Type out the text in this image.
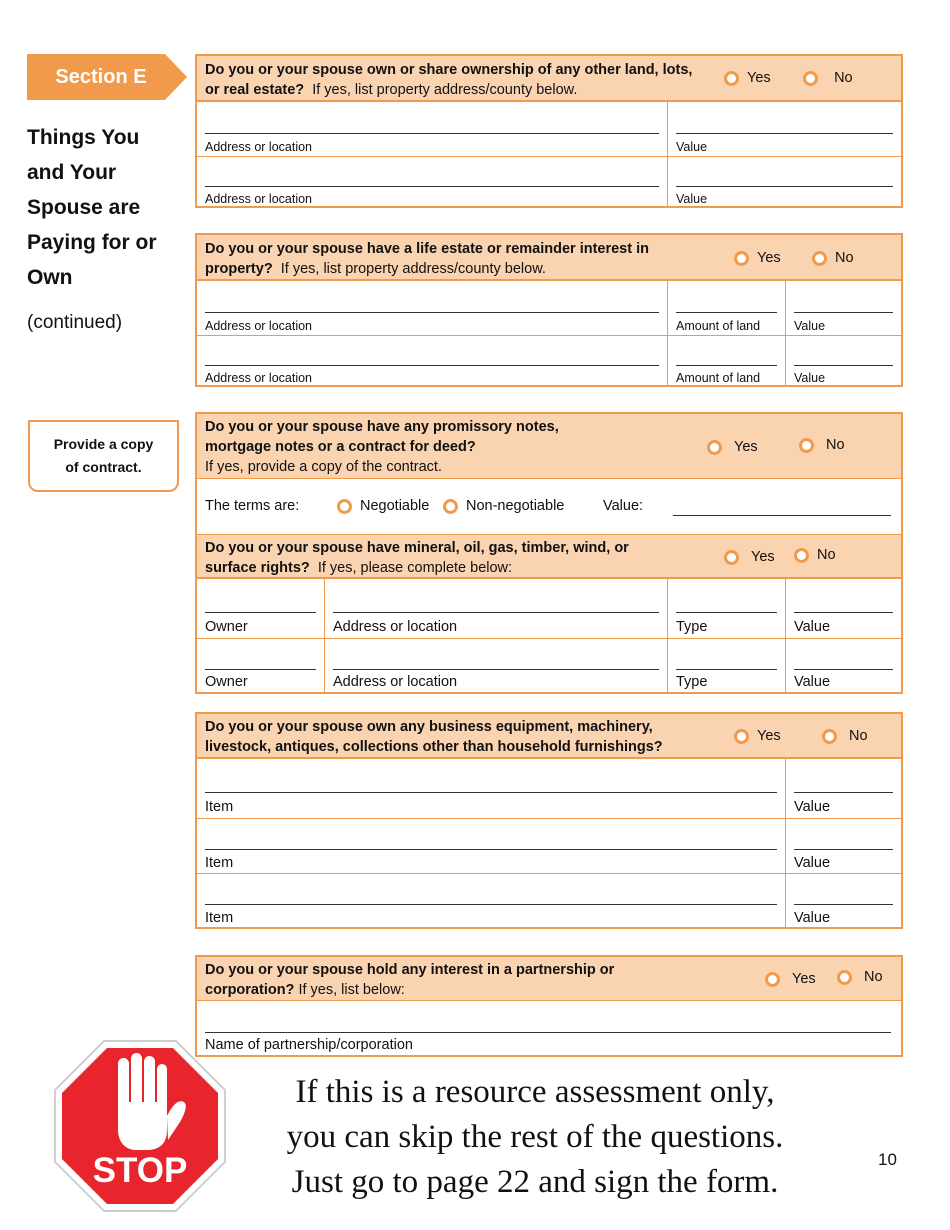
Section E
Things You
and Your
Spouse are
Paying for or
Own
(continued)
Provide a copy
of contract.
Do you or your spouse own or share ownership of any other land, lots,
or real estate? If yes, list property address/county below.
Yes
	No
Address or location	Value
Address or location	Value
Do you or your spouse have a life estate or remainder interest in
property? If yes, list property address/county below.
Yes	No
Address or location	Amount of land	Value
Address or location	Amount of land	Value
Do you or your spouse have any promissory notes,
mortgage notes or a contract for deed?
If yes, provide a copy of the contract.

Yes
	No
The terms are:	Negotiable	Non-negotiable	Value:
Do you or your spouse have mineral, oil, gas, timber, wind, or
surface rights? If yes, please complete below:

Yes	No
Owner	Address or location	Type	Value
Owner	Address or location	Type	Value
Do you or your spouse own any business equipment, machinery,
livestock, antiques, collections other than household furnishings?
Yes
	No
Item	Value
Item	Value
Item	Value
Do you or your spouse hold any interest in a partnership or
corporation? If yes, list below:

Yes
	No
Name of partnership/corporation
STOP
If this is a resource assessment only,
you can skip the rest of the questions.
Just go to page 22 and sign the form.
10
